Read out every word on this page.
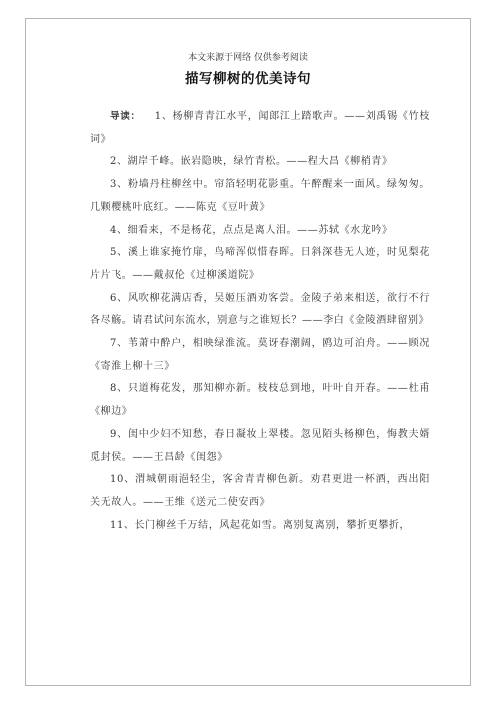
本文来源于网络 仅供参考阅读
描写柳树的优美诗句

导读： 1、杨柳青青江水平，闻郎江上踏歌声。——刘禹锡《竹枝词》

2、湖岸千峰。嵌岩隐映，绿竹青松。——程大昌《柳梢青》

3、粉墙丹柱柳丝中。帘箔轻明花影重。午醉醒来一面风。绿匆匆。几颗樱桃叶底红。——陈克《豆叶黄》

4、细看来，不是杨花，点点是离人泪。——苏轼《水龙吟》

5、溪上谁家掩竹扉，鸟啼浑似惜春晖。日斜深巷无人迹，时见梨花片片飞。——戴叔伦《过柳溪道院》

6、风吹柳花满店香，吴姬压酒劝客尝。金陵子弟来相送，欲行不行各尽觞。请君试问东流水，别意与之谁短长？——李白《金陵酒肆留别》

7、苇萧中酔户，相映绿淮流。莫讶春潮阔，鸥边可泊舟。——顾况《寄淮上柳十三》

8、只道梅花发，那知柳亦新。枝枝总到地，叶叶自开春。——杜甫《柳边》

9、闺中少妇不知愁，春日凝妆上翠楼。忽见陌头杨柳色，悔教夫婿觅封侯。——王昌龄《闺怨》

10、渭城朝雨浥轻尘，客舍青青柳色新。劝君更进一杯酒，西出阳关无故人。——王维《送元二使安西》

11、长门柳丝千万结，风起花如雪。离别复离别，攀折更攀折，
